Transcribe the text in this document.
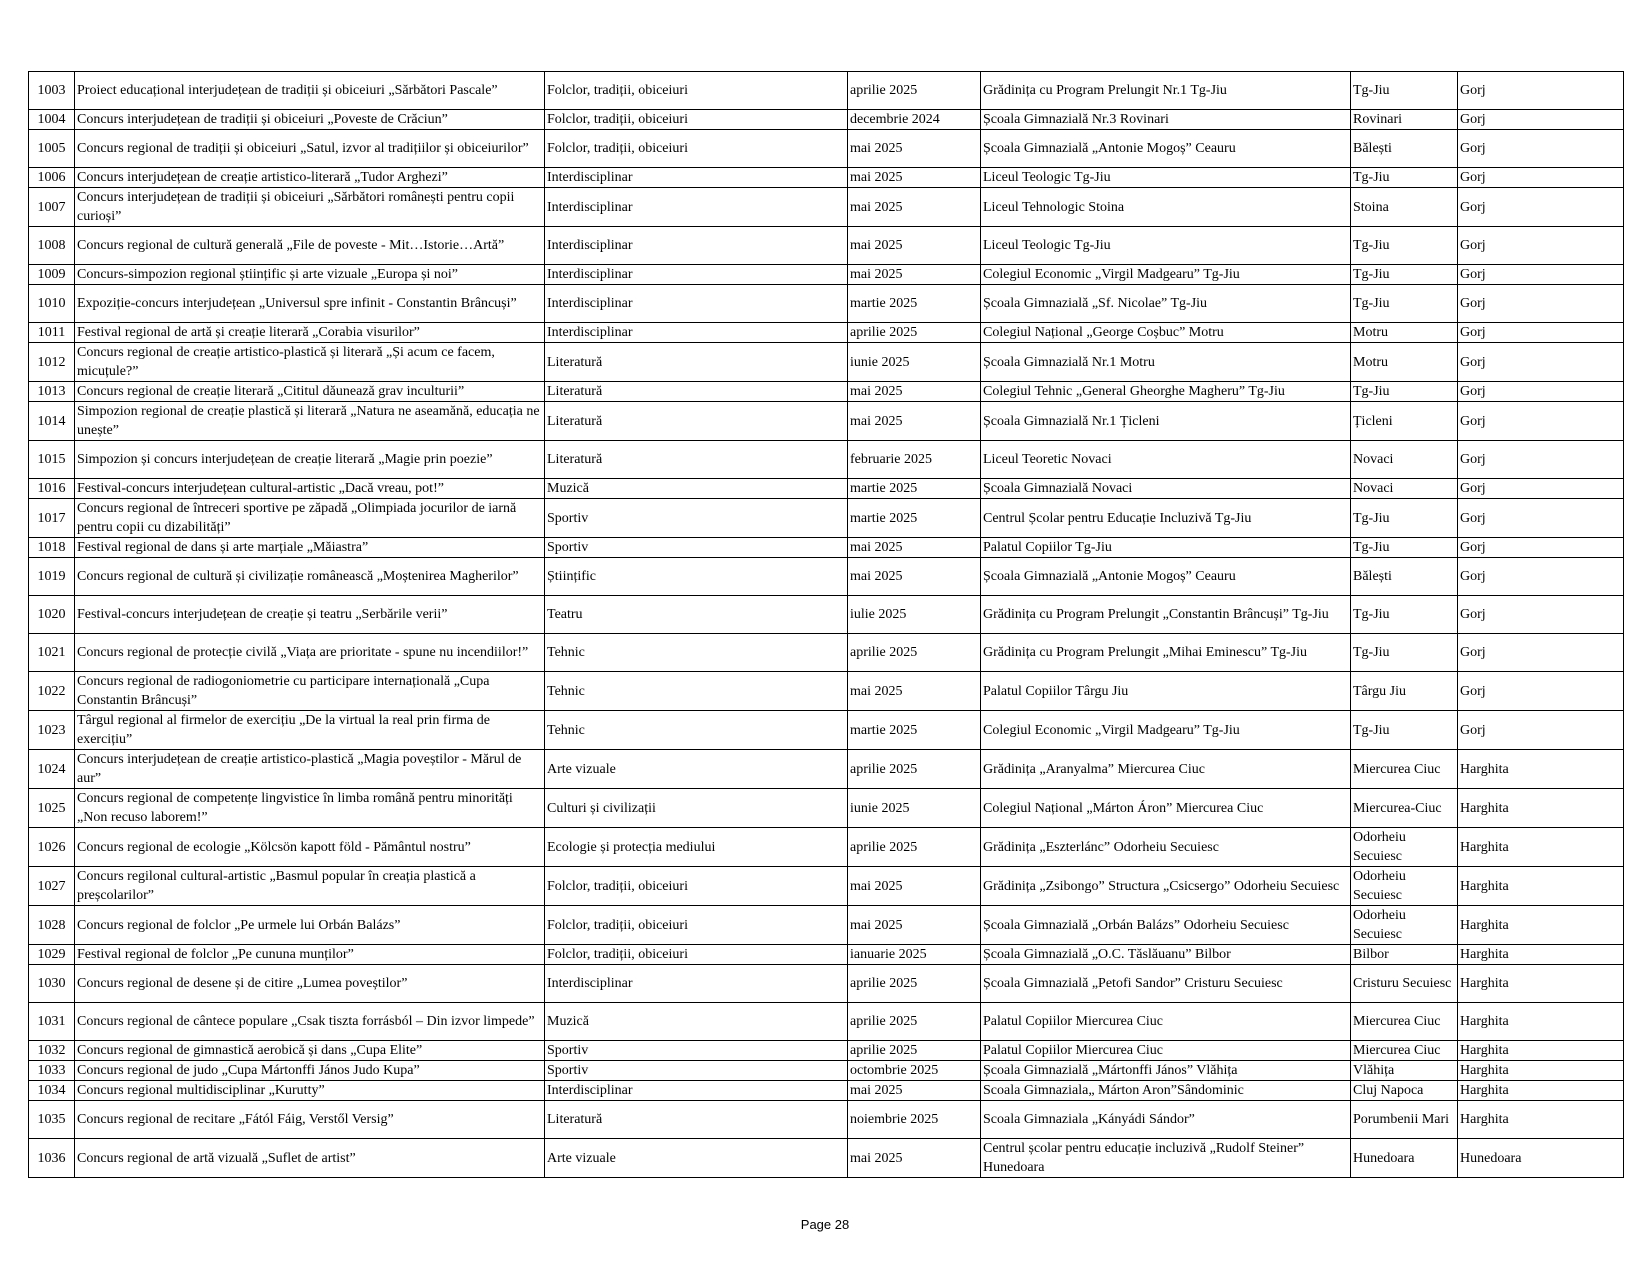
1003	Proiect educațional interjudețean de tradiții și obiceiuri „Sărbători Pascale”	Folclor, tradiții, obiceiuri	aprilie 2025	Grădinița cu Program Prelungit Nr.1 Tg-Jiu	Tg-Jiu	Gorj
1004	Concurs interjudețean de tradiții și obiceiuri „Poveste de Crăciun”	Folclor, tradiții, obiceiuri	decembrie 2024	Școala Gimnazială Nr.3 Rovinari	Rovinari	Gorj
1005	Concurs regional de tradiții și obiceiuri „Satul, izvor al tradițiilor și obiceiurilor”	Folclor, tradiții, obiceiuri	mai 2025	Școala Gimnazială „Antonie Mogoș” Ceauru	Bălești	Gorj
1006	Concurs interjudețean de creație artistico-literară „Tudor Arghezi”	Interdisciplinar	mai 2025	Liceul Teologic Tg-Jiu	Tg-Jiu	Gorj
1007	Concurs interjudețean de tradiții și obiceiuri „Sărbători românești pentru copii curioși”	Interdisciplinar	mai 2025	Liceul Tehnologic Stoina	Stoina	Gorj
1008	Concurs regional de cultură generală „File de poveste - Mit…Istorie…Artă”	Interdisciplinar	mai 2025	Liceul Teologic Tg-Jiu	Tg-Jiu	Gorj
1009	Concurs-simpozion regional științific și arte vizuale „Europa și noi”	Interdisciplinar	mai 2025	Colegiul Economic „Virgil Madgearu” Tg-Jiu	Tg-Jiu	Gorj
1010	Expoziție-concurs interjudețean „Universul spre infinit - Constantin Brâncuși”	Interdisciplinar	martie 2025	Școala Gimnazială „Sf. Nicolae” Tg-Jiu	Tg-Jiu	Gorj
1011	Festival regional de artă și creație literară „Corabia visurilor”	Interdisciplinar	aprilie 2025	Colegiul Național „George Coșbuc” Motru	Motru	Gorj
1012	Concurs regional de creație artistico-plastică și literară „Și acum ce facem, micuțule?”	Literatură	iunie 2025	Școala Gimnazială Nr.1 Motru	Motru	Gorj
1013	Concurs regional de creație literară „Cititul dăunează grav inculturii”	Literatură	mai 2025	Colegiul Tehnic „General Gheorghe Magheru” Tg-Jiu	Tg-Jiu	Gorj
1014	Simpozion regional de creație plastică și literară „Natura ne aseamănă, educația ne unește”	Literatură	mai 2025	Școala Gimnazială Nr.1 Țicleni	Țicleni	Gorj
1015	Simpozion și concurs interjudețean de creație literară „Magie prin poezie”	Literatură	februarie 2025	Liceul Teoretic Novaci	Novaci	Gorj
1016	Festival-concurs interjudețean cultural-artistic „Dacă vreau, pot!”	Muzică	martie 2025	Școala Gimnazială Novaci	Novaci	Gorj
1017	Concurs regional de întreceri sportive pe zăpadă „Olimpiada jocurilor de iarnă pentru copii cu dizabilități”	Sportiv	martie 2025	Centrul Școlar pentru Educație Incluzivă Tg-Jiu	Tg-Jiu	Gorj
1018	Festival regional de dans și arte marțiale „Măiastra”	Sportiv	mai 2025	Palatul Copiilor Tg-Jiu	Tg-Jiu	Gorj
1019	Concurs regional de cultură și civilizație românească „Moștenirea Magherilor”	Științific	mai 2025	Școala Gimnazială „Antonie Mogoș” Ceauru	Bălești	Gorj
1020	Festival-concurs interjudețean de creație și teatru „Serbările verii”	Teatru	iulie 2025	Grădinița cu Program Prelungit „Constantin Brâncuși” Tg-Jiu	Tg-Jiu	Gorj
1021	Concurs regional de protecție civilă „Viața are prioritate - spune nu incendiilor!”	Tehnic	aprilie 2025	Grădinița cu Program Prelungit „Mihai Eminescu” Tg-Jiu	Tg-Jiu	Gorj
1022	Concurs regional de radiogoniometrie cu participare internațională „Cupa Constantin Brâncuși”	Tehnic	mai 2025	Palatul Copiilor Târgu Jiu	Târgu Jiu	Gorj
1023	Târgul regional al firmelor de exercițiu „De la virtual la real prin firma de exercițiu”	Tehnic	martie 2025	Colegiul Economic „Virgil Madgearu” Tg-Jiu	Tg-Jiu	Gorj
1024	Concurs interjudețean de creație artistico-plastică „Magia poveștilor - Mărul de aur”	Arte vizuale	aprilie 2025	Grădinița „Aranyalma” Miercurea Ciuc	Miercurea Ciuc	Harghita
1025	Concurs regional de competențe lingvistice în limba română pentru minorități „Non recuso laborem!”	Culturi și civilizații	iunie 2025	Colegiul Național „Márton Áron” Miercurea Ciuc	Miercurea-Ciuc	Harghita
1026	Concurs regional de ecologie „Kölcsön kapott föld - Pământul nostru”	Ecologie și protecția mediului	aprilie 2025	Grădinița „Eszterlánc” Odorheiu Secuiesc	Odorheiu Secuiesc	Harghita
1027	Concurs regilonal cultural-artistic „Basmul popular în creația plastică a preșcolarilor”	Folclor, tradiții, obiceiuri	mai 2025	Grădinița „Zsibongo” Structura „Csicsergo” Odorheiu Secuiesc	Odorheiu Secuiesc	Harghita
1028	Concurs regional de folclor „Pe urmele lui Orbán Balázs”	Folclor, tradiții, obiceiuri	mai 2025	Școala Gimnazială „Orbán Balázs” Odorheiu Secuiesc	Odorheiu Secuiesc	Harghita
1029	Festival regional de folclor „Pe cununa munților”	Folclor, tradiții, obiceiuri	ianuarie 2025	Școala Gimnazială „O.C. Tăslăuanu” Bilbor	Bilbor	Harghita
1030	Concurs regional de desene și de citire „Lumea poveștilor”	Interdisciplinar	aprilie 2025	Școala Gimnazială „Petofi Sandor” Cristuru Secuiesc	Cristuru Secuiesc	Harghita
1031	Concurs regional de cântece populare „Csak tiszta forrásból – Din izvor limpede”	Muzică	aprilie 2025	Palatul Copiilor Miercurea Ciuc	Miercurea Ciuc	Harghita
1032	Concurs regional de gimnastică aerobică și dans „Cupa Elite”	Sportiv	aprilie 2025	Palatul Copiilor Miercurea Ciuc	Miercurea Ciuc	Harghita
1033	Concurs regional de judo „Cupa Mártonffi János Judo Kupa”	Sportiv	octombrie 2025	Școala Gimnazială „Mártonffi János” Vlăhița	Vlăhița	Harghita
1034	Concurs regional multidisciplinar „Kurutty”	Interdisciplinar	mai 2025	Scoala Gimnaziala„ Márton Aron”Sândominic	Cluj Napoca	Harghita
1035	Concurs regional de recitare „Fától Fáig, Verstől Versig”	Literatură	noiembrie 2025	Scoala Gimnaziala „Kányádi Sándor”	Porumbenii Mari	Harghita
1036	Concurs regional de artă vizuală „Suflet de artist”	Arte vizuale	mai 2025	Centrul școlar pentru educație incluzivă „Rudolf Steiner” Hunedoara	Hunedoara	Hunedoara
Page 28
